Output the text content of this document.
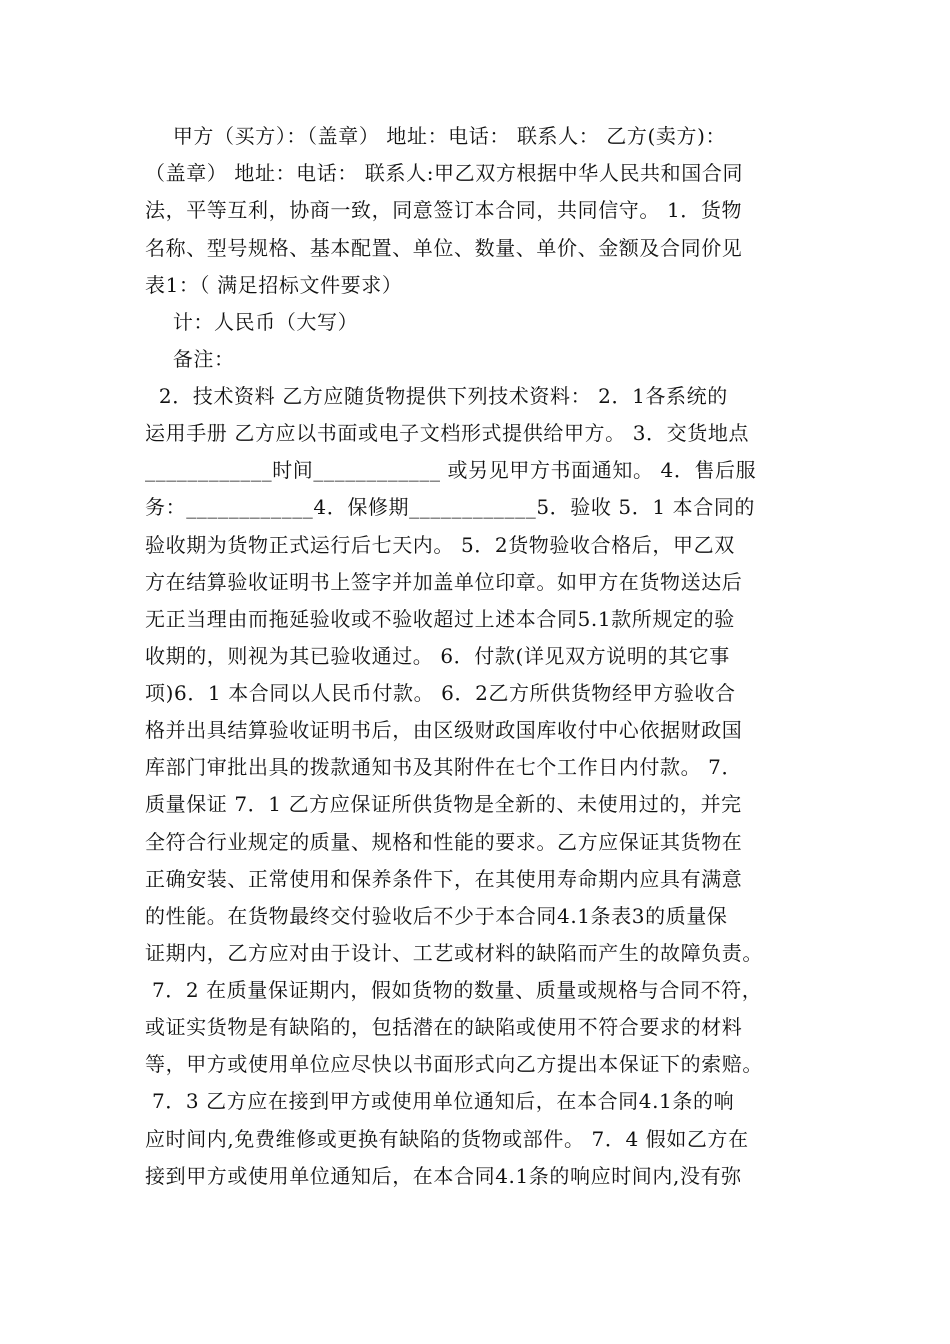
甲方（买方）：（盖章） 地址：电话： 联系人： 乙方(卖方)：
（盖章） 地址：电话： 联系人:甲乙双方根据中华人民共和国合同
法，平等互利，协商一致，同意签订本合同，共同信守。 1．货物
名称、型号规格、基本配置、单位、数量、单价、金额及合同价见
表1：（ 满足招标文件要求）
计：人民币（大写）
备注：
2．技术资料 乙方应随货物提供下列技术资料： 2．1各系统的
运用手册 乙方应以书面或电子文档形式提供给甲方。 3．交货地点
____________时间____________ 或另见甲方书面通知。 4．售后服
务：____________4．保修期____________5．验收 5．1 本合同的
验收期为货物正式运行后七天内。 5．2货物验收合格后，甲乙双
方在结算验收证明书上签字并加盖单位印章。如甲方在货物送达后
无正当理由而拖延验收或不验收超过上述本合同5.1款所规定的验
收期的，则视为其已验收通过。 6．付款(详见双方说明的其它事
项)6．1 本合同以人民币付款。 6．2乙方所供货物经甲方验收合
格并出具结算验收证明书后，由区级财政国库收付中心依据财政国
库部门审批出具的拨款通知书及其附件在七个工作日内付款。 7．
质量保证 7．1 乙方应保证所供货物是全新的、未使用过的，并完
全符合行业规定的质量、规格和性能的要求。乙方应保证其货物在
正确安装、正常使用和保养条件下，在其使用寿命期内应具有满意
的性能。在货物最终交付验收后不少于本合同4.1条表3的质量保
证期内，乙方应对由于设计、工艺或材料的缺陷而产生的故障负责。
7．2 在质量保证期内，假如货物的数量、质量或规格与合同不符，
或证实货物是有缺陷的，包括潜在的缺陷或使用不符合要求的材料
等，甲方或使用单位应尽快以书面形式向乙方提出本保证下的索赔。
7．3 乙方应在接到甲方或使用单位通知后，在本合同4.1条的响
应时间内,免费维修或更换有缺陷的货物或部件。 7．4 假如乙方在
接到甲方或使用单位通知后，在本合同4.1条的响应时间内,没有弥
